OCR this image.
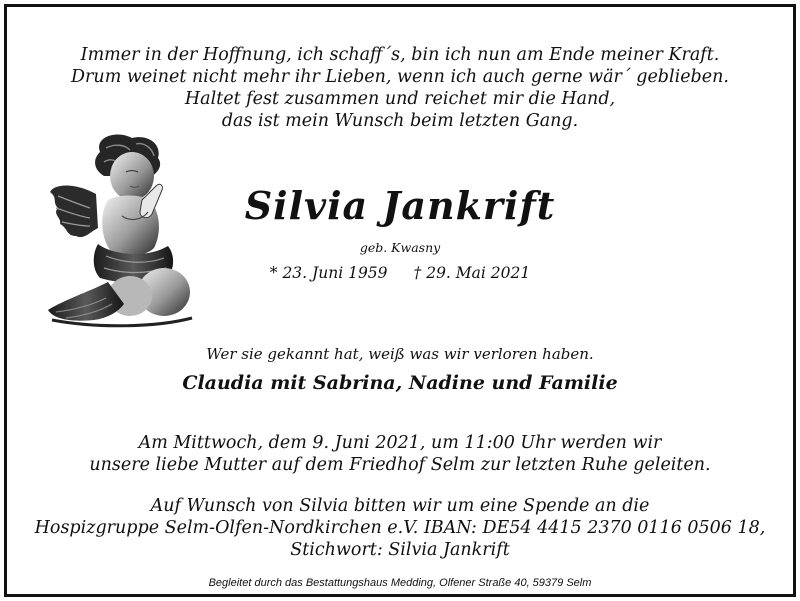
Immer in der Hoffnung, ich schaff´s, bin ich nun am Ende meiner Kraft.
Drum weinet nicht mehr ihr Lieben, wenn ich auch gerne wär´ geblieben.
Haltet fest zusammen und reichet mir die Hand,
das ist mein Wunsch beim letzten Gang.
Silvia Jankrift
geb. Kwasny
* 23. Juni 1959 † 29. Mai 2021
Wer sie gekannt hat, weiß was wir verloren haben.
Claudia mit Sabrina, Nadine und Familie
Am Mittwoch, dem 9. Juni 2021, um 11:00 Uhr werden wir
unsere liebe Mutter auf dem Friedhof Selm zur letzten Ruhe geleiten.
Auf Wunsch von Silvia bitten wir um eine Spende an die
Hospizgruppe Selm-Olfen-Nordkirchen e.V. IBAN: DE54 4415 2370 0116 0506 18,
Stichwort: Silvia Jankrift
Begleitet durch das Bestattungshaus Medding, Olfener Straße 40, 59379 Selm
